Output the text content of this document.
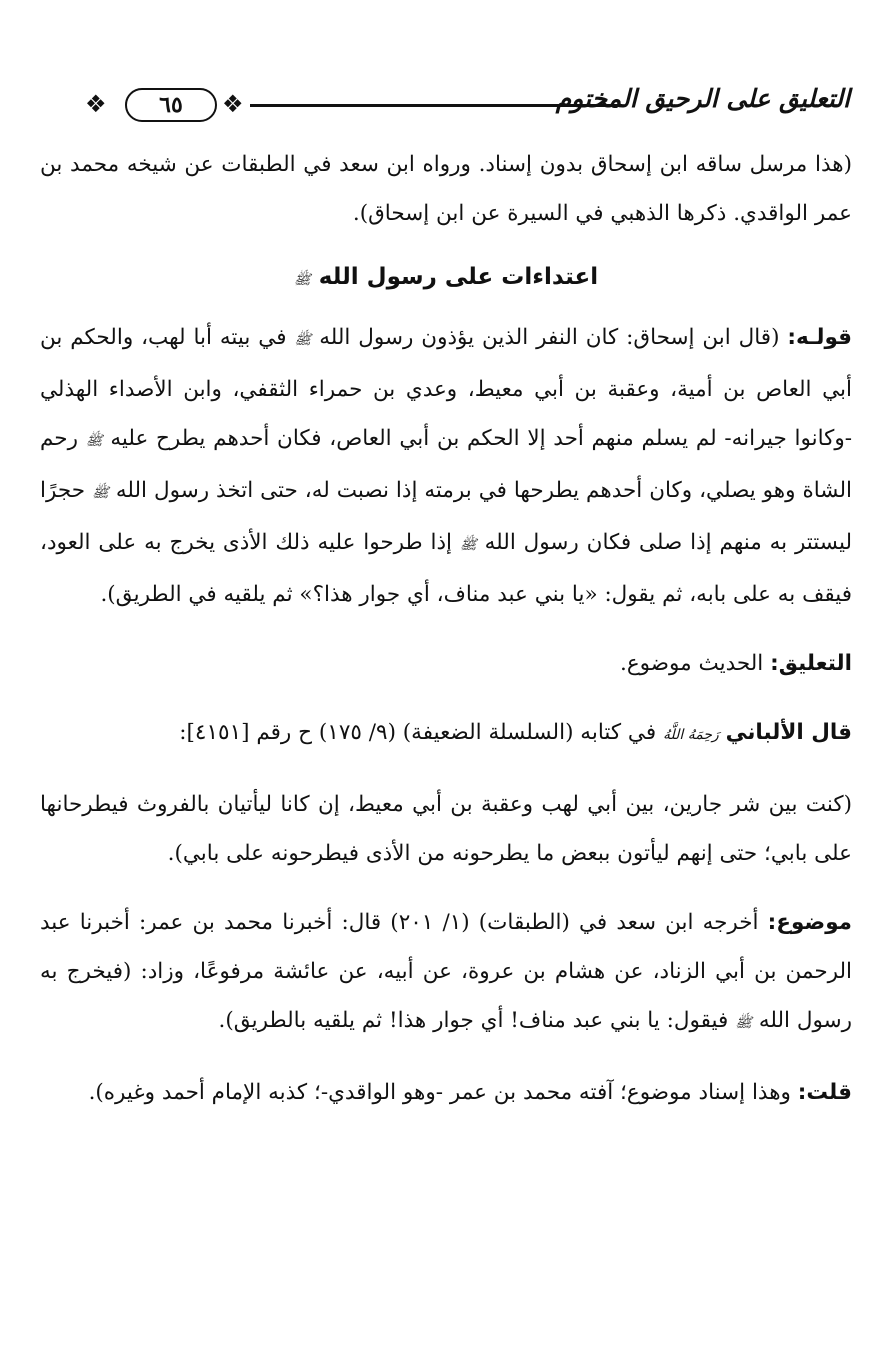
❖ ٦٥ ❖	التعليق على الرحيق المختوم

(هذا مرسل ساقه ابن إسحاق بدون إسناد. ورواه ابن سعد في الطبقات عن شيخه محمد بن عمر الواقدي. ذكرها الذهبي في السيرة عن ابن إسحاق).

اعتداءات على رسول الله ﷺ

قولـه: (قال ابن إسحاق: كان النفر الذين يؤذون رسول الله ﷺ في بيته أبا لهب، والحكم بن أبي العاص بن أمية، وعقبة بن أبي معيط، وعدي بن حمراء الثقفي، وابن الأصداء الهذلي -وكانوا جيرانه- لم يسلم منهم أحد إلا الحكم بن أبي العاص، فكان أحدهم يطرح عليه ﷺ رحم الشاة وهو يصلي، وكان أحدهم يطرحها في برمته إذا نصبت له، حتى اتخذ رسول الله ﷺ حجرًا ليستتر به منهم إذا صلى فكان رسول الله ﷺ إذا طرحوا عليه ذلك الأذى يخرج به على العود، فيقف به على بابه، ثم يقول: «يا بني عبد مناف، أي جوار هذا؟» ثم يلقيه في الطريق).

التعليق: الحديث موضوع.

قال الألباني رَحِمَهُ اللَّهُ في كتابه (السلسلة الضعيفة) (٩/ ١٧٥) ح رقم [٤١٥١]:

(كنت بين شر جارين، بين أبي لهب وعقبة بن أبي معيط، إن كانا ليأتيان بالفروث فيطرحانها على بابي؛ حتى إنهم ليأتون ببعض ما يطرحونه من الأذى فيطرحونه على بابي).

موضوع: أخرجه ابن سعد في (الطبقات) (١/ ٢٠١) قال: أخبرنا محمد بن عمر: أخبرنا عبد الرحمن بن أبي الزناد، عن هشام بن عروة، عن أبيه، عن عائشة مرفوعًا، وزاد: (فيخرج به رسول الله ﷺ فيقول: يا بني عبد مناف! أي جوار هذا! ثم يلقيه بالطريق).

قلت: وهذا إسناد موضوع؛ آفته محمد بن عمر -وهو الواقدي-؛ كذبه الإمام أحمد وغيره).
